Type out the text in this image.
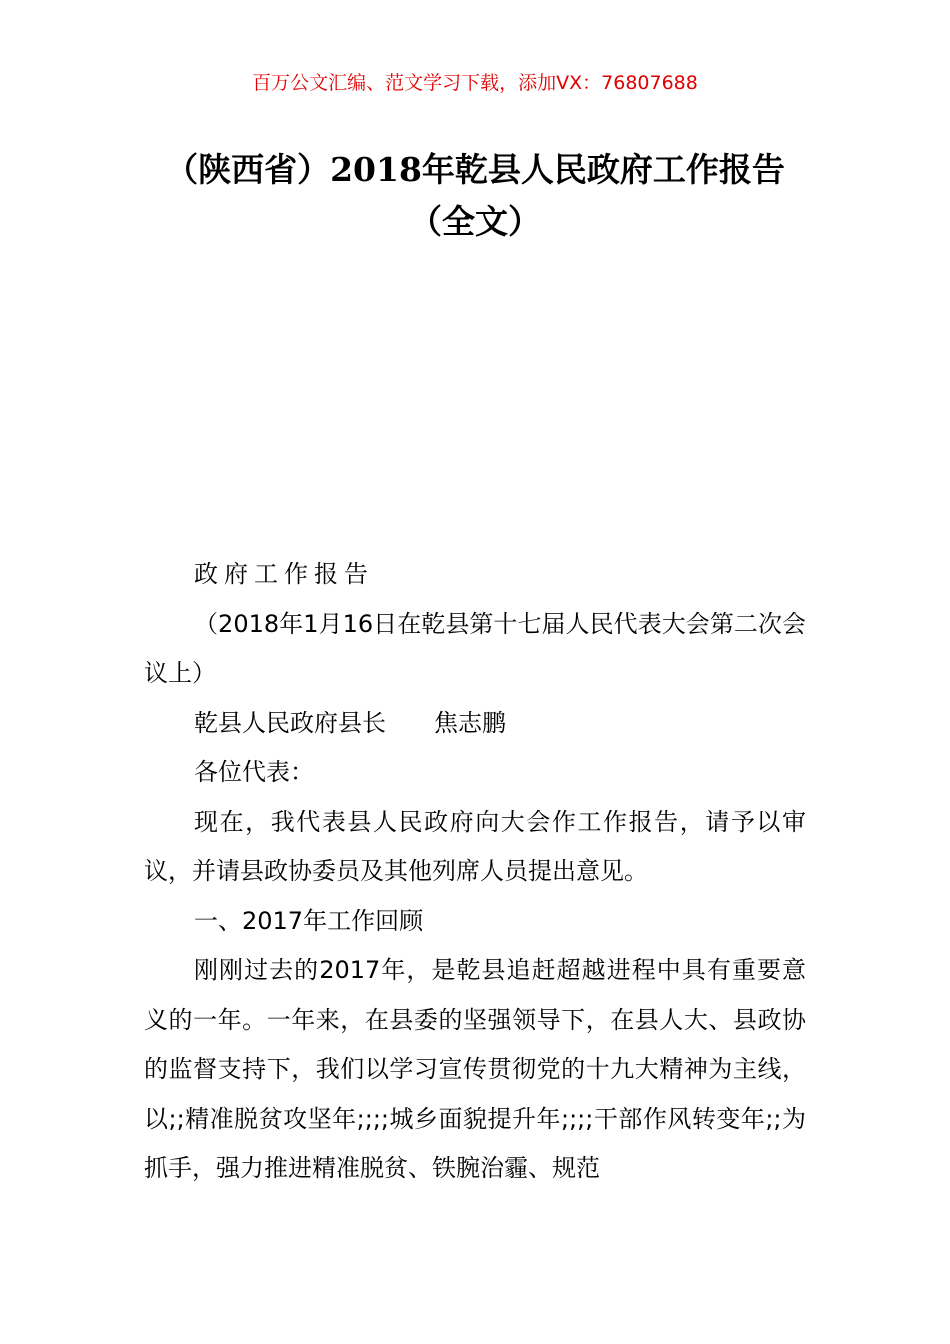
百万公文汇编、范文学习下载，添加VX：76807688
（陕西省）2018年乾县人民政府工作报告
（全文）

政府工作报告

（2018年1月16日在乾县第十七届人民代表大会第二次会议上）

乾县人民政府县长 焦志鹏

各位代表：

现在，我代表县人民政府向大会作工作报告，请予以审议，并请县政协委员及其他列席人员提出意见。

一、2017年工作回顾

刚刚过去的2017年，是乾县追赶超越进程中具有重要意义的一年。一年来，在县委的坚强领导下，在县人大、县政协的监督支持下，我们以学习宣传贯彻党的十九大精神为主线，以;;精准脱贫攻坚年;;;;城乡面貌提升年;;;;干部作风转变年;;为抓手，强力推进精准脱贫、铁腕治霾、规范
